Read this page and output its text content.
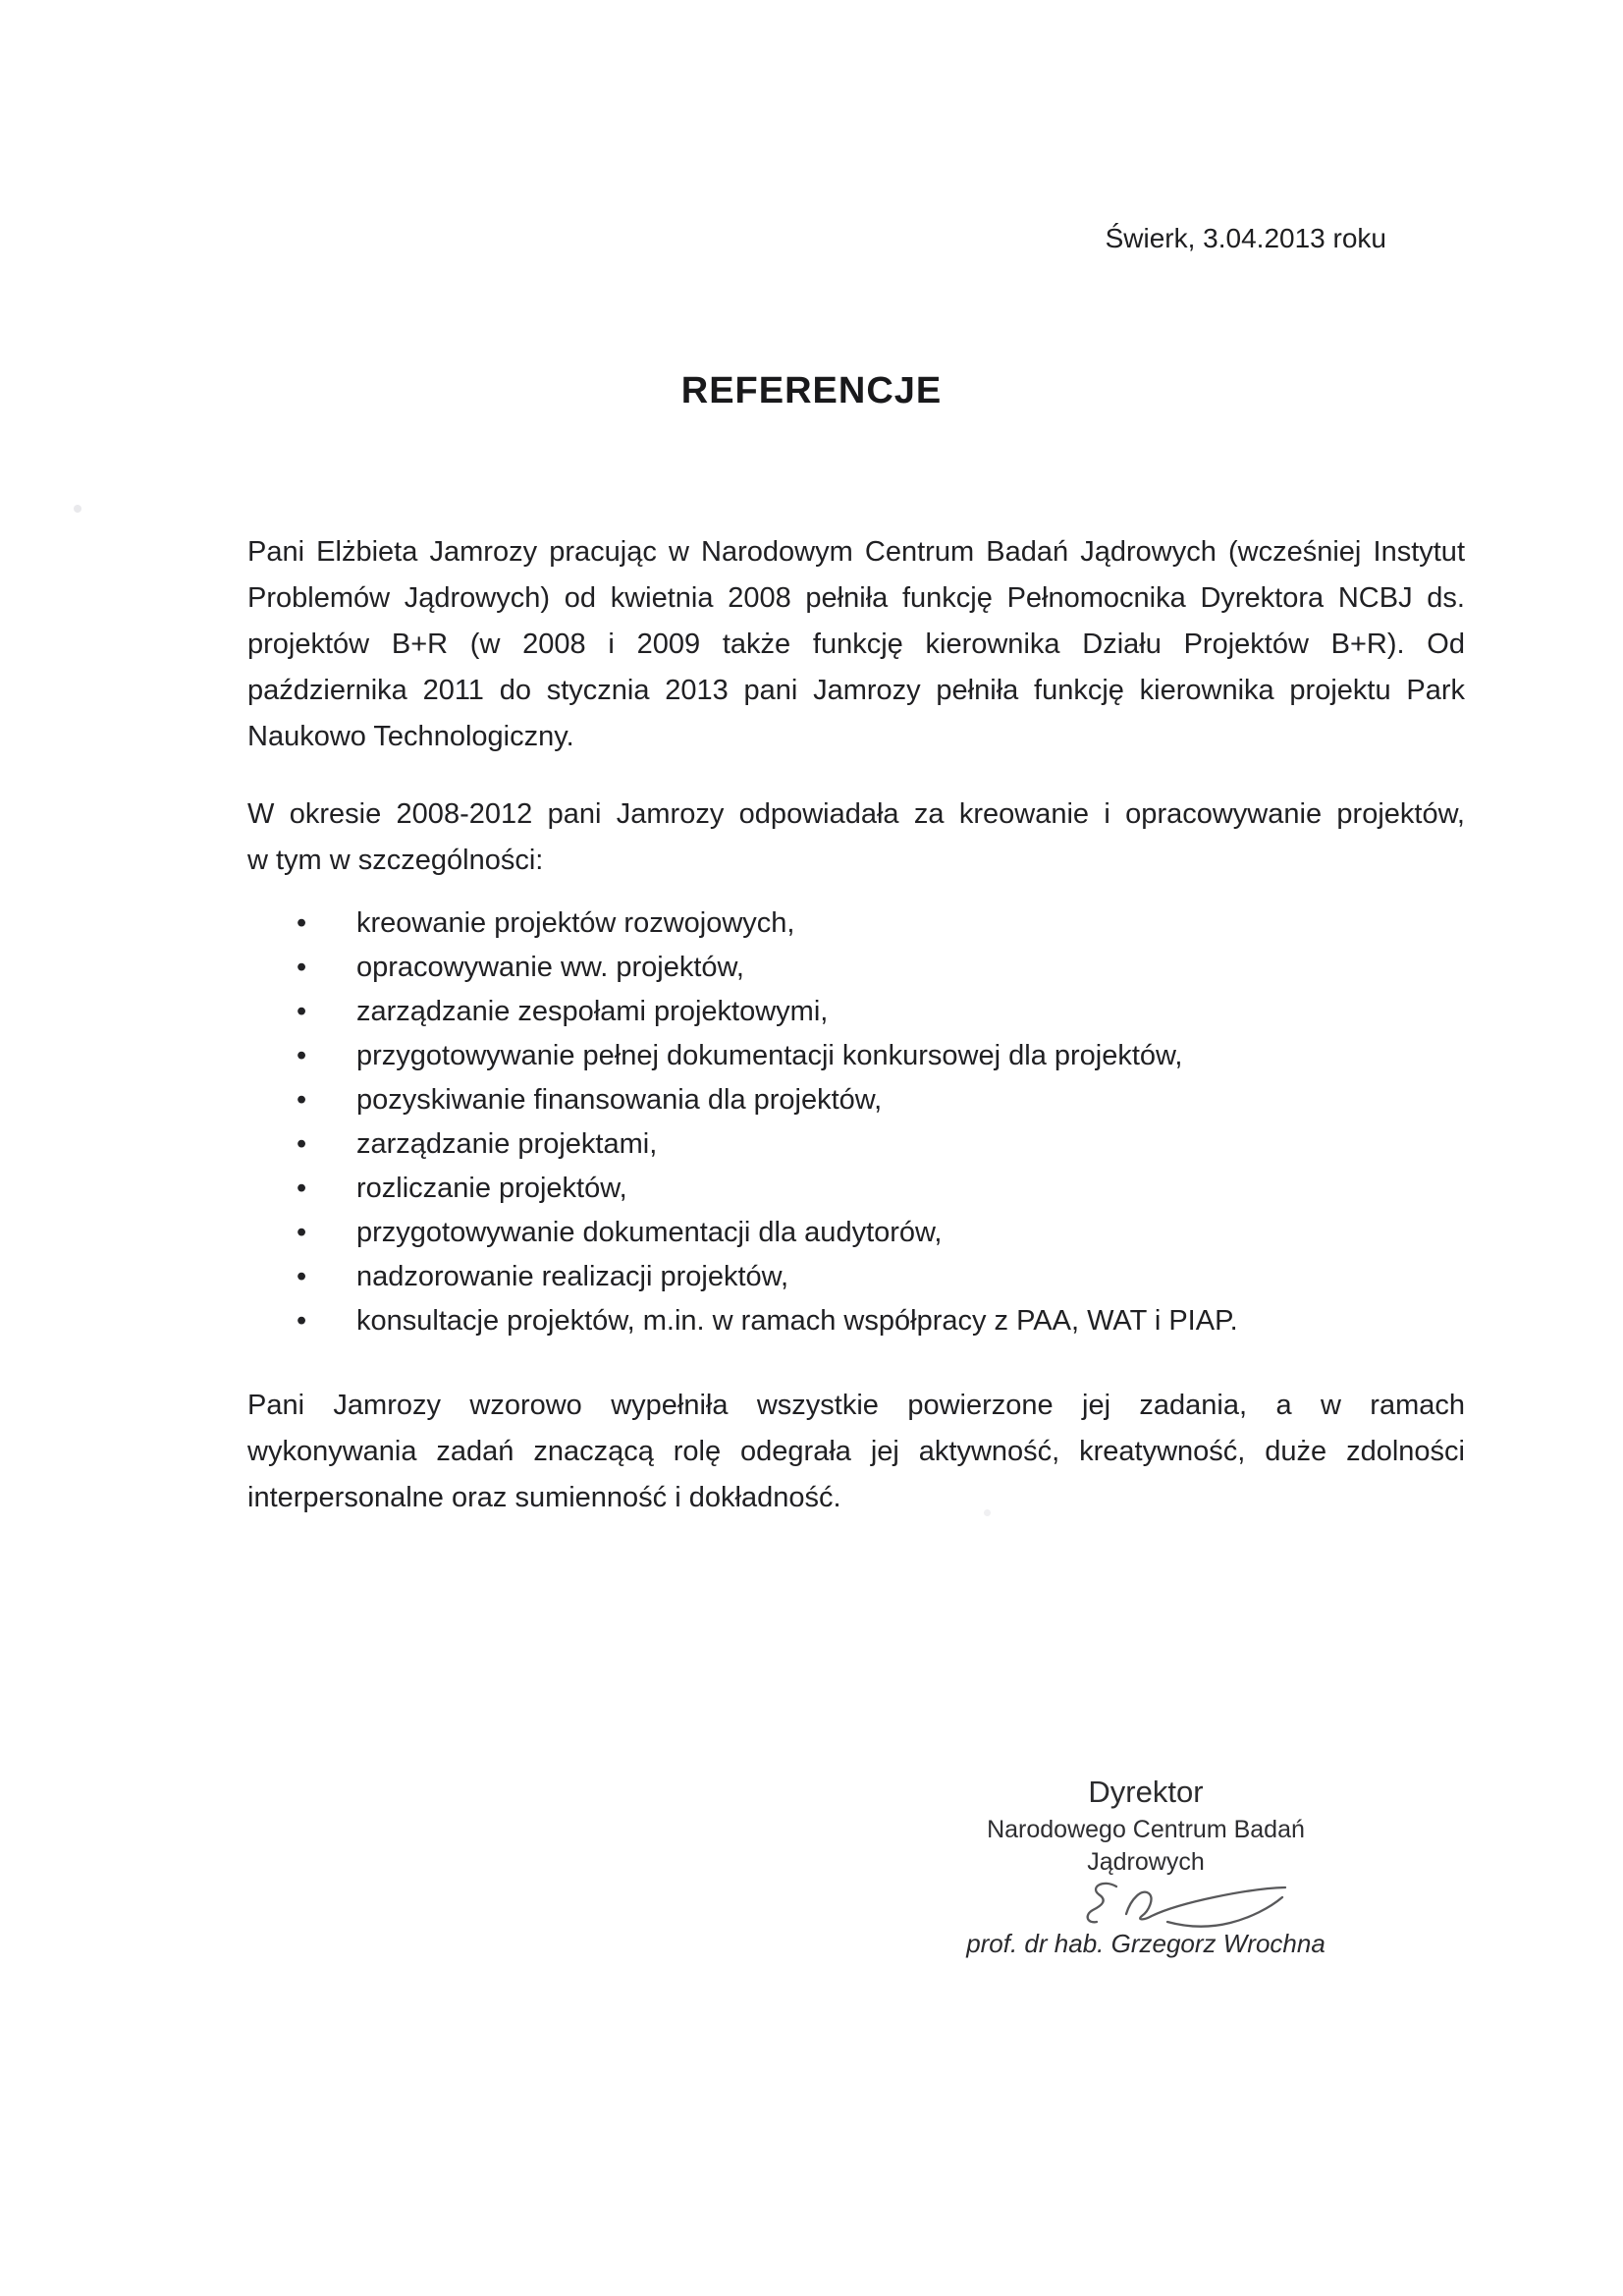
Świerk, 3.04.2013 roku
REFERENCJE

Pani Elżbieta Jamrozy pracując w Narodowym Centrum Badań Jądrowych (wcześniej Instytut
Problemów Jądrowych) od kwietnia 2008 pełniła funkcję Pełnomocnika Dyrektora NCBJ ds.
projektów B+R (w 2008 i 2009 także funkcję kierownika Działu Projektów B+R). Od
października 2011 do stycznia 2013 pani Jamrozy pełniła funkcję kierownika projektu Park
Naukowo Technologiczny.

W okresie 2008-2012 pani Jamrozy odpowiadała za kreowanie i opracowywanie projektów,
w tym w szczególności:

• kreowanie projektów rozwojowych,
• opracowywanie ww. projektów,
• zarządzanie zespołami projektowymi,
• przygotowywanie pełnej dokumentacji konkursowej dla projektów,
• pozyskiwanie finansowania dla projektów,
• zarządzanie projektami,
• rozliczanie projektów,
• przygotowywanie dokumentacji dla audytorów,
• nadzorowanie realizacji projektów,
• konsultacje projektów, m.in. w ramach współpracy z PAA, WAT i PIAP.

Pani Jamrozy wzorowo wypełniła wszystkie powierzone jej zadania, a w ramach
wykonywania zadań znaczącą rolę odegrała jej aktywność, kreatywność, duże zdolności
interpersonalne oraz sumienność i dokładność.

Dyrektor
Narodowego Centrum Badań Jądrowych
prof. dr hab. Grzegorz Wrochna
